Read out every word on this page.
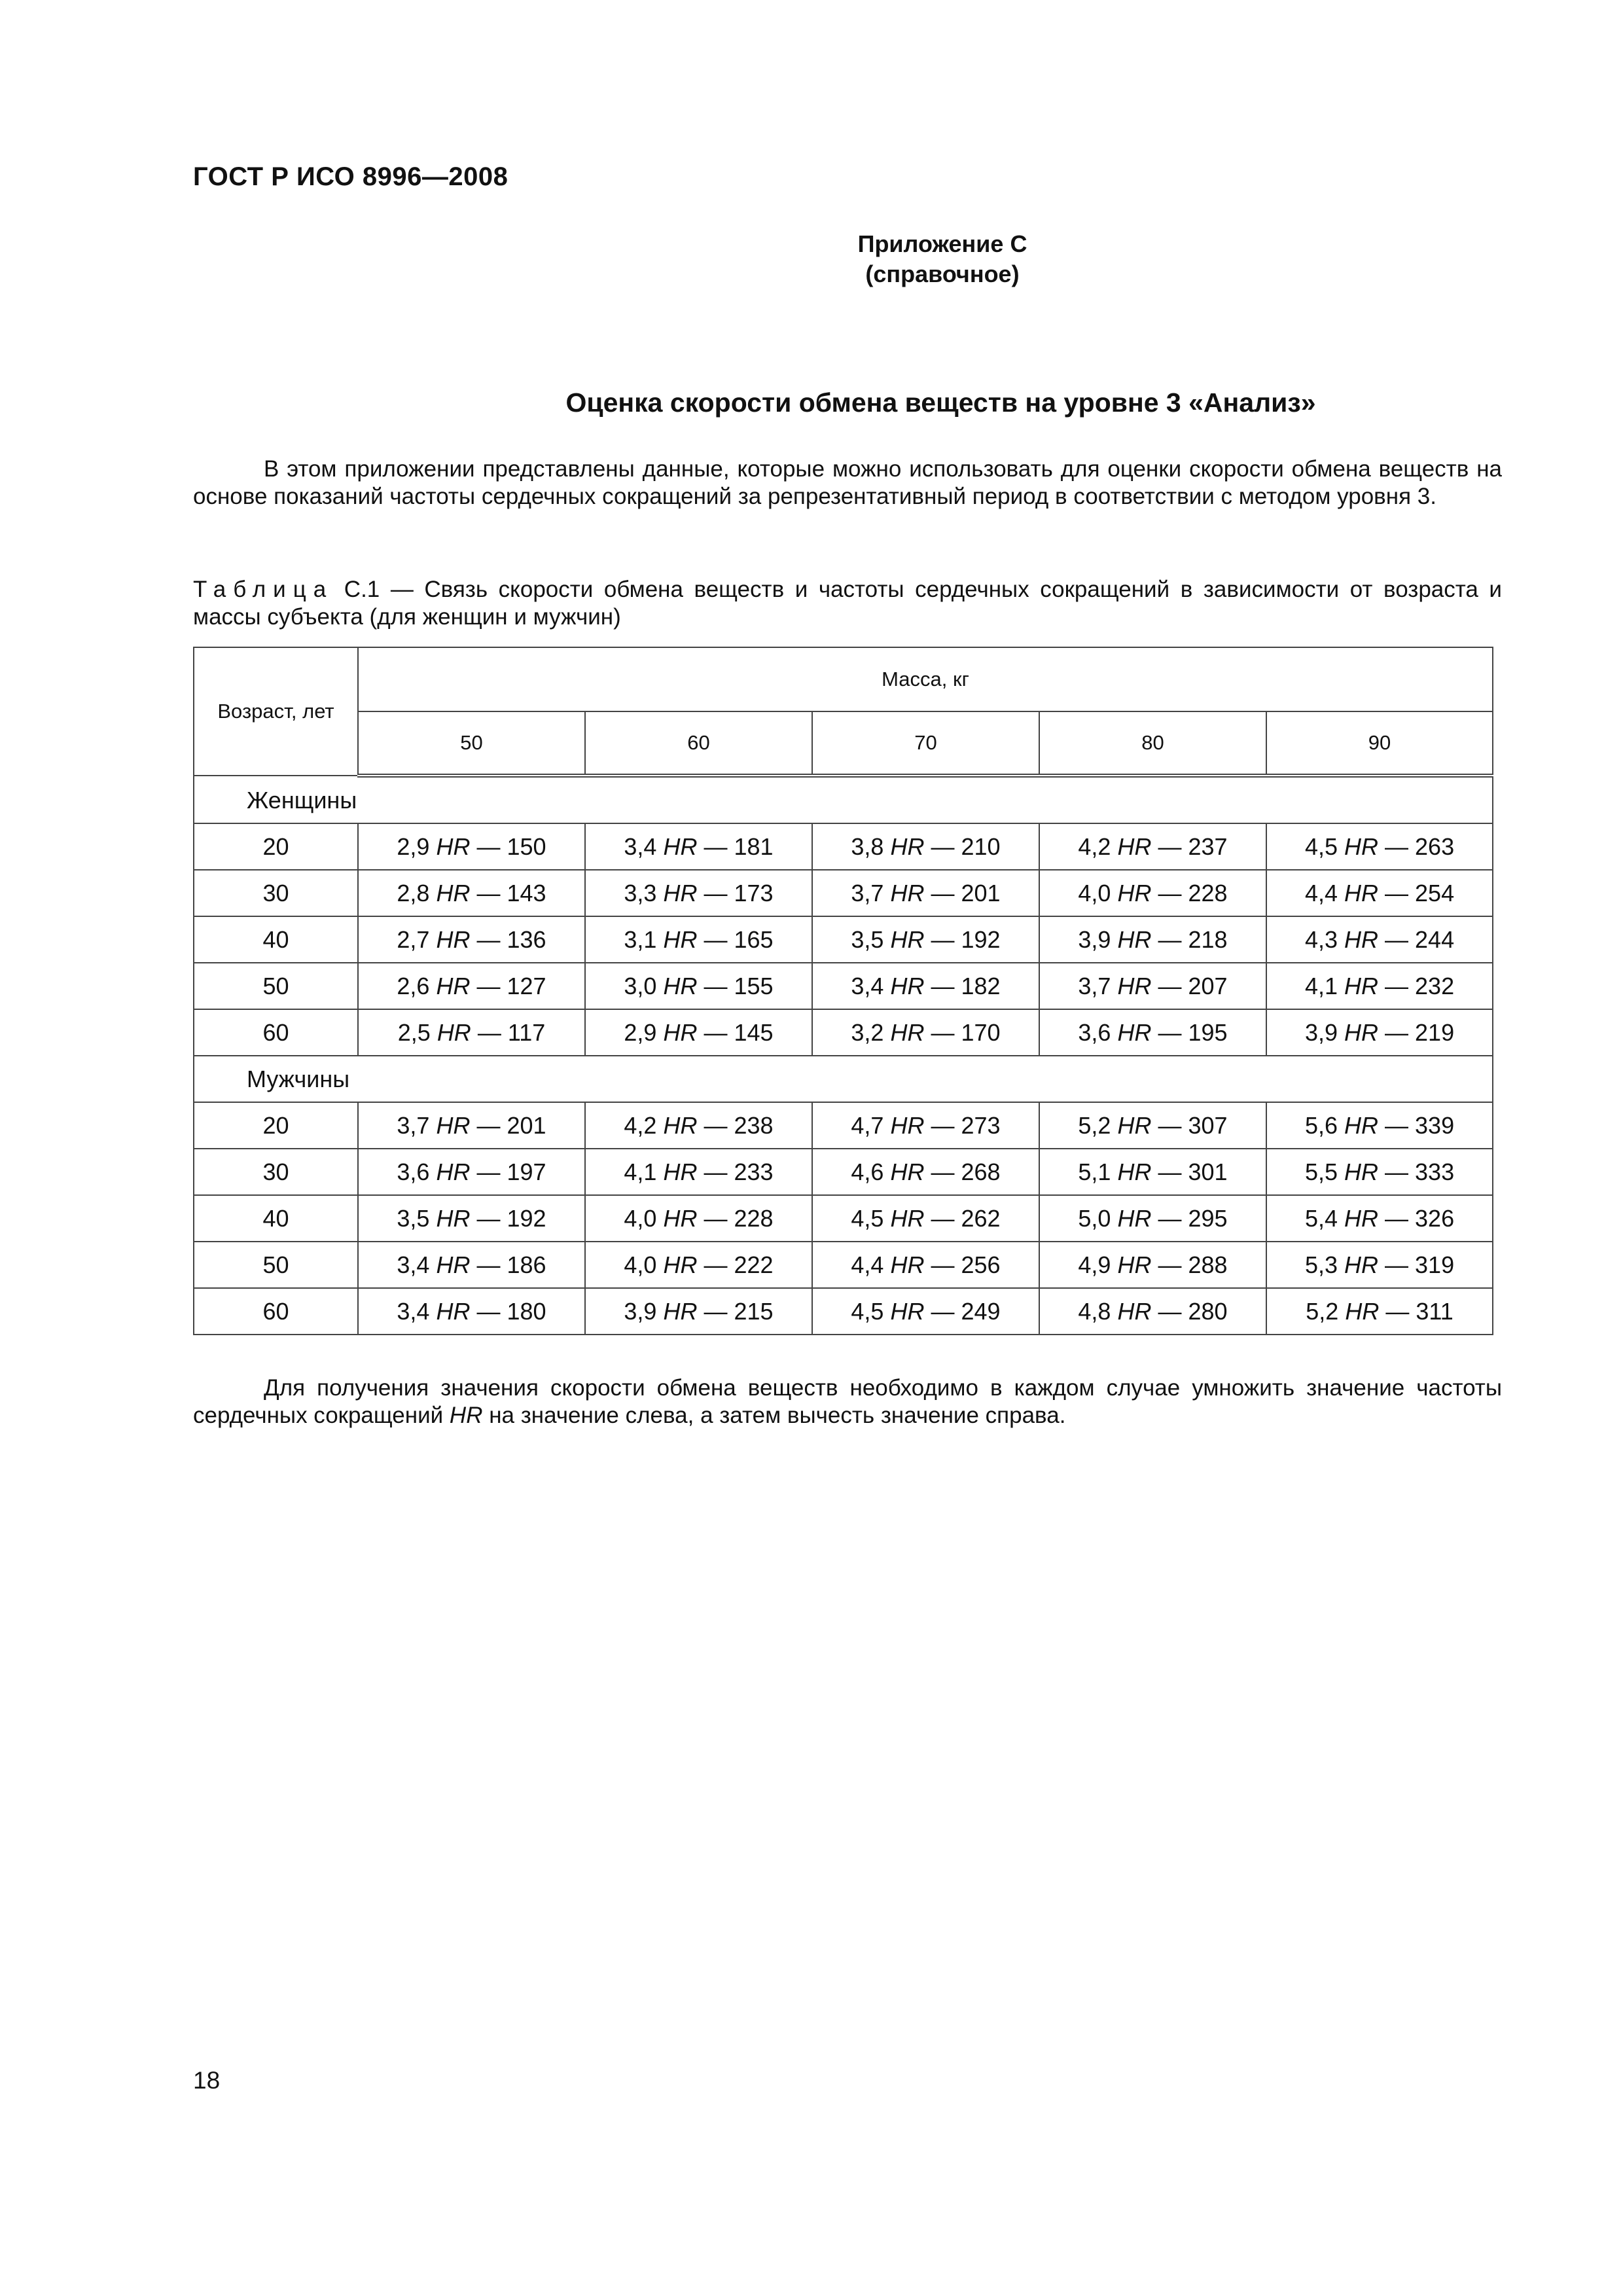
ГОСТ Р ИСО 8996—2008
Приложение С
(справочное)
Оценка скорости обмена веществ на уровне 3 «Анализ»
В этом приложении представлены данные, которые можно использовать для оценки скорости обмена веществ на основе показаний частоты сердечных сокращений за репрезентативный период в соответствии с методом уровня 3.
Таблица С.1 — Связь скорости обмена веществ и частоты сердечных сокращений в зависимости от возраста и массы субъекта (для женщин и мужчин)
Возраст, лет	Масса, кг				
	50	60	70	80	90
Женщины					
20	2,9 HR — 150	3,4 HR — 181	3,8 HR — 210	4,2 HR — 237	4,5 HR — 263
30	2,8 HR — 143	3,3 HR — 173	3,7 HR — 201	4,0 HR — 228	4,4 HR — 254
40	2,7 HR — 136	3,1 HR — 165	3,5 HR — 192	3,9 HR — 218	4,3 HR — 244
50	2,6 HR — 127	3,0 HR — 155	3,4 HR — 182	3,7 HR — 207	4,1 HR — 232
60	2,5 HR — 117	2,9 HR — 145	3,2 HR — 170	3,6 HR — 195	3,9 HR — 219
Мужчины					
20	3,7 HR — 201	4,2 HR — 238	4,7 HR — 273	5,2 HR — 307	5,6 HR — 339
30	3,6 HR — 197	4,1 HR — 233	4,6 HR — 268	5,1 HR — 301	5,5 HR — 333
40	3,5 HR — 192	4,0 HR — 228	4,5 HR — 262	5,0 HR — 295	5,4 HR — 326
50	3,4 HR — 186	4,0 HR — 222	4,4 HR — 256	4,9 HR — 288	5,3 HR — 319
60	3,4 HR — 180	3,9 HR — 215	4,5 HR — 249	4,8 HR — 280	5,2 HR — 311
Для получения значения скорости обмена веществ необходимо в каждом случае умножить значение частоты сердечных сокращений HR на значение слева, а затем вычесть значение справа.
18
